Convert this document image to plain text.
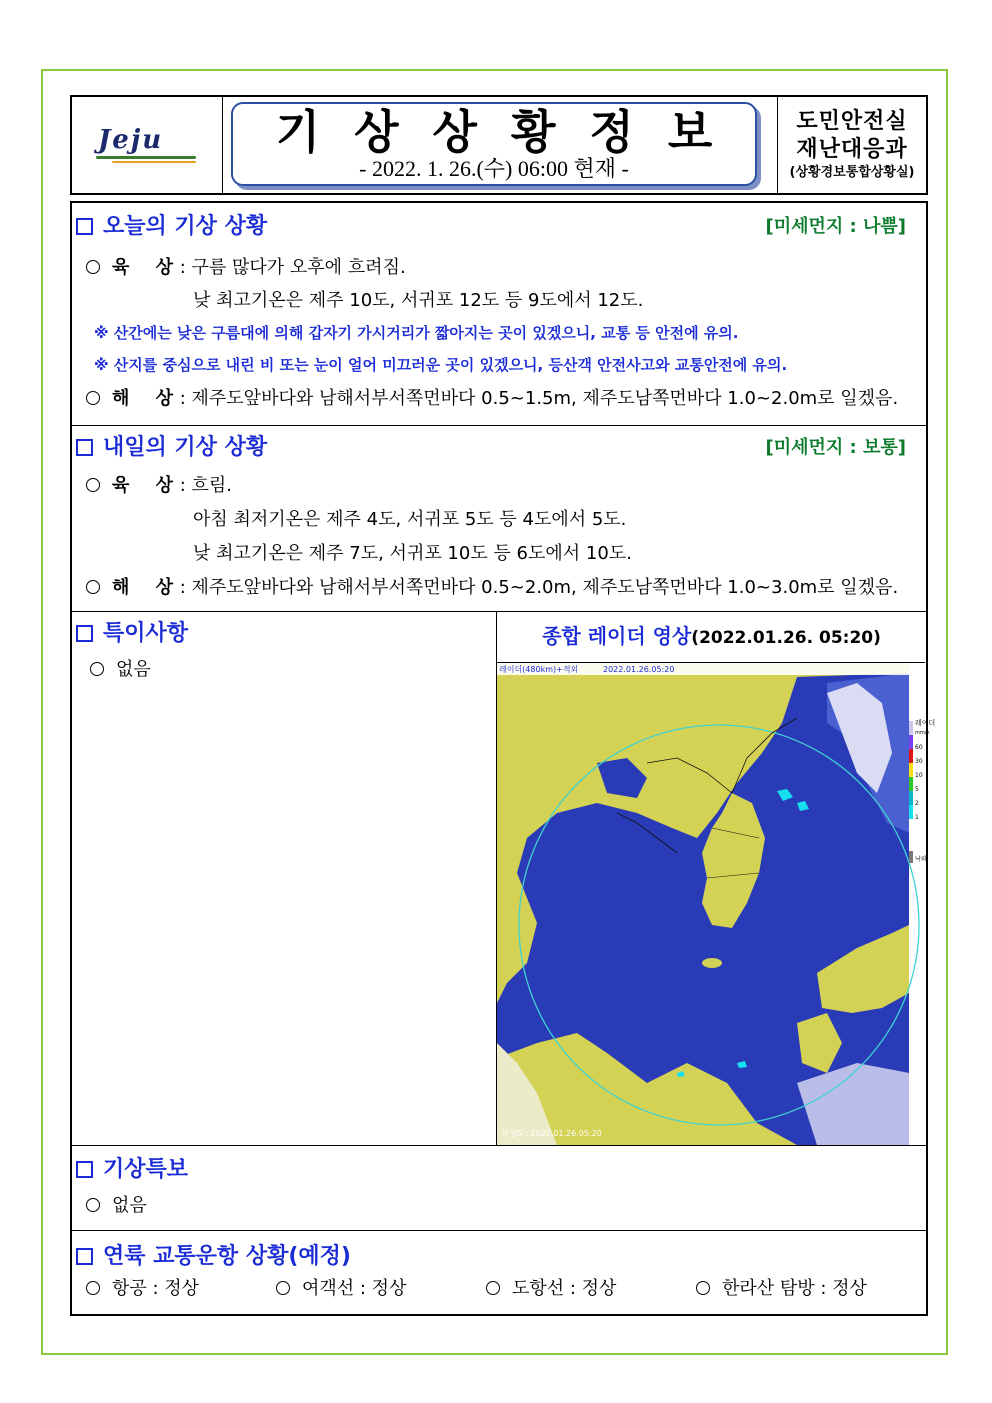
Jeju	기상상황정보
- 2022. 1. 26.(수) 06:00 현재 -
도민안전실
재난대응과
(상황경보통합상황실)
오늘의 기상 상황	[미세먼지 : 나쁨]
육 상 : 구름 많다가 오후에 흐려짐.
낮 최고기온은 제주 10도, 서귀포 12도 등 9도에서 12도.
※ 산간에는 낮은 구름대에 의해 갑자기 가시거리가 짧아지는 곳이 있겠으니, 교통 등 안전에 유의.
※ 산지를 중심으로 내린 비 또는 눈이 얼어 미끄러운 곳이 있겠으니, 등산객 안전사고와 교통안전에 유의.
해 상 : 제주도앞바다와 남해서부서쪽먼바다 0.5~1.5m, 제주도남쪽먼바다 1.0~2.0m로 일겠음.
내일의 기상 상황	[미세먼지 : 보통]
육 상 : 흐림.
아침 최저기온은 제주 4도, 서귀포 5도 등 4도에서 5도.
낮 최고기온은 제주 7도, 서귀포 10도 등 6도에서 10도.
해 상 : 제주도앞바다와 남해서부서쪽먼바다 0.5~2.0m, 제주도남쪽먼바다 1.0~3.0m로 일겠음.
특이사항
없음
종합 레이더 영상(2022.01.26. 05:20)
레이더
mm/h
60
30
10
5
2
1
낙뢰
레이더(480km)+적외	2022.01.26.05:20
위성G : 2022.01.26.05:20
기상특보
없음
연륙 교통운항 상황(예정)
항공 : 정상	여객선 : 정상	도항선 : 정상	한라산 탐방 : 정상
